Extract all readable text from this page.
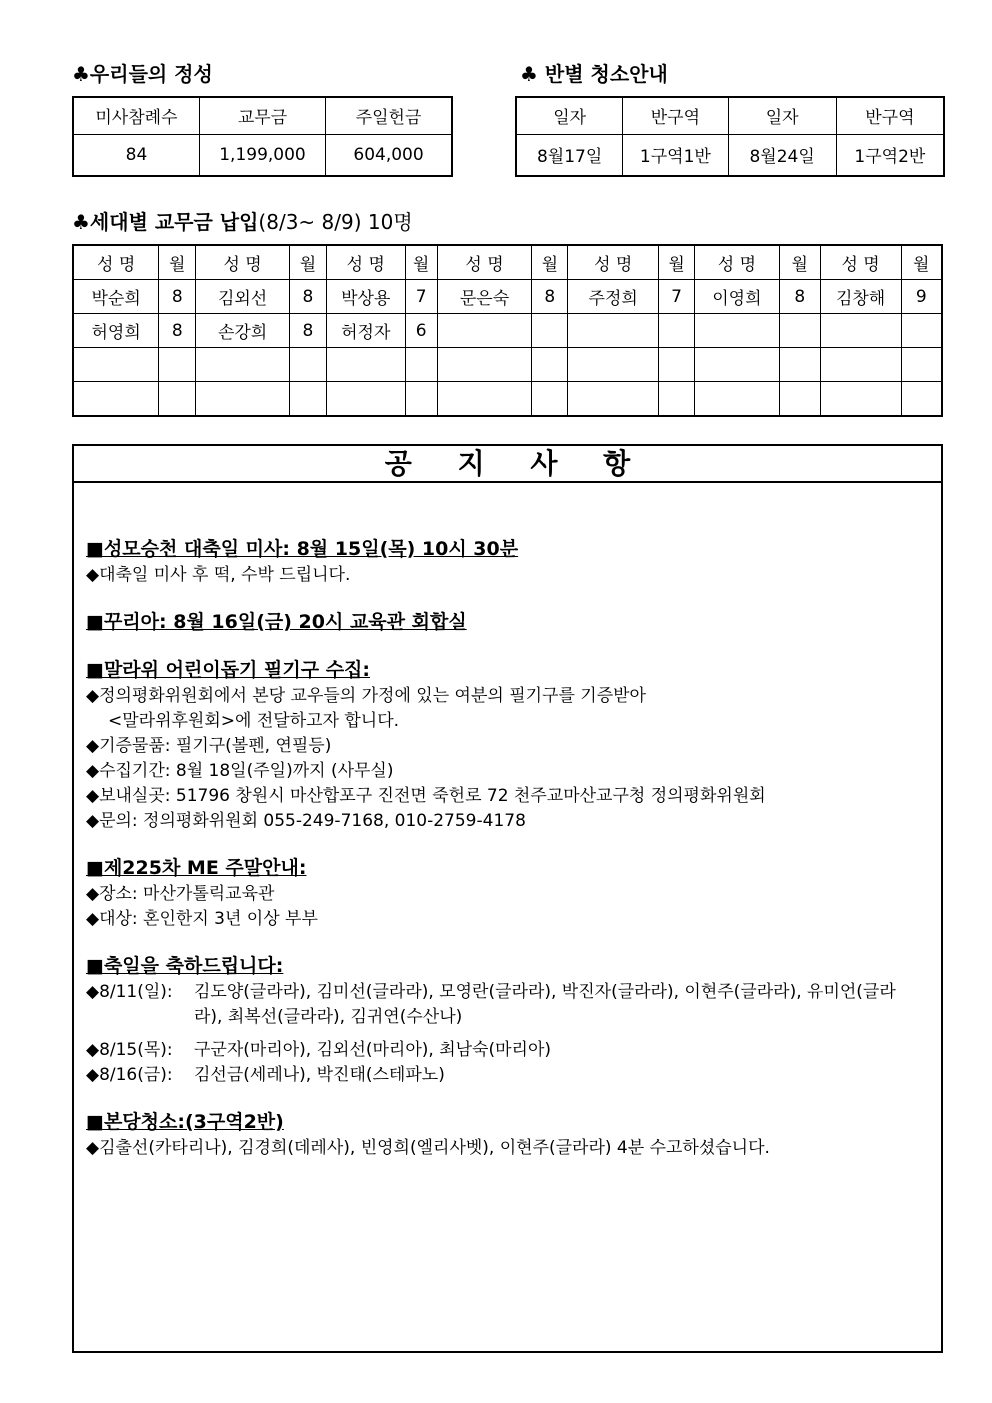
♣우리들의 정성
미사참례수	교무금	주일헌금
84	1,199,000	604,000
♣ 반별 청소안내
일자	반구역	일자	반구역
8월17일	1구역1반	8월24일	1구역2반
♣세대별 교무금 납입(8/3~ 8/9) 10명
성 명	월	성 명	월	성 명	월	성 명	월	성 명	월	성 명	월	성 명	월
박순희	8	김외선	8	박상용	7	문은숙	8	주정희	7	이영희	8	김창해	9
허영희	8	손강희	8	허정자	6								

공 지 사 항
■성모승천 대축일 미사: 8월 15일(목) 10시 30분
◆대축일 미사 후 떡, 수박 드립니다.
■꾸리아: 8월 16일(금) 20시 교육관 회합실
■말라위 어린이돕기 필기구 수집:
◆정의평화위원회에서 본당 교우들의 가정에 있는 여분의 필기구를 기증받아
<말라위후원회>에 전달하고자 합니다.
◆기증물품: 필기구(볼펜, 연필등)
◆수집기간: 8월 18일(주일)까지 (사무실)
◆보내실곳: 51796 창원시 마산합포구 진전면 죽헌로 72 천주교마산교구청 정의평화위원회
◆문의: 정의평화위원회 055-249-7168, 010-2759-4178
■제225차 ME 주말안내:
◆장소: 마산가톨릭교육관
◆대상: 혼인한지 3년 이상 부부
■축일을 축하드립니다:
◆8/11(일):	김도양(글라라), 김미선(글라라), 모영란(글라라), 박진자(글라라), 이현주(글라라), 유미언(글라라), 최복선(글라라), 김귀연(수산나)
◆8/15(목):	구군자(마리아), 김외선(마리아), 최남숙(마리아)
◆8/16(금):	김선금(세레나), 박진태(스테파노)
■본당청소:(3구역2반)
◆김출선(카타리나), 김경희(데레사), 빈영희(엘리사벳), 이현주(글라라) 4분 수고하셨습니다.
